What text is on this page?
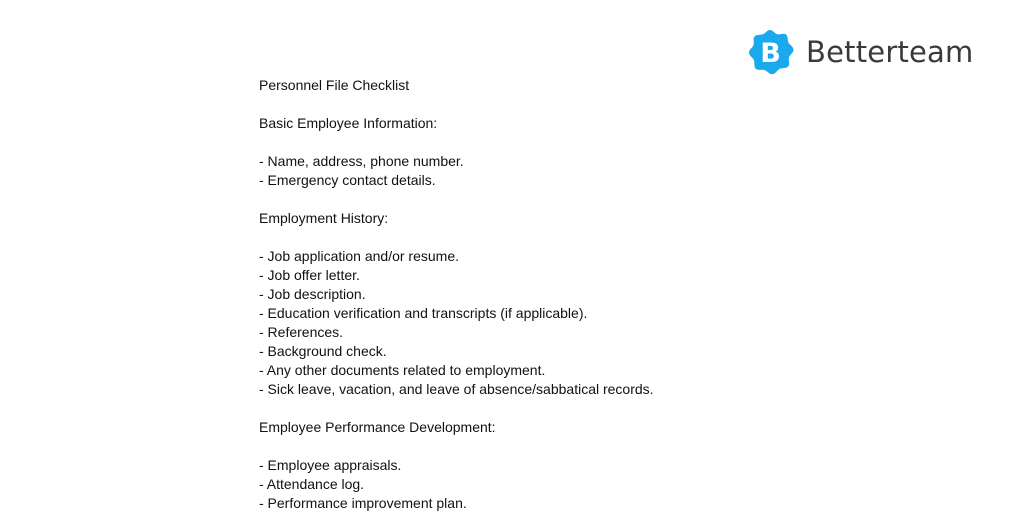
B Betterteam
Personnel File Checklist
Basic Employee Information:
- Name, address, phone number.
- Emergency contact details.
Employment History:
- Job application and/or resume.
- Job offer letter.
- Job description.
- Education verification and transcripts (if applicable).
- References.
- Background check.
- Any other documents related to employment.
- Sick leave, vacation, and leave of absence/sabbatical records.
Employee Performance Development:
- Employee appraisals.
- Attendance log.
- Performance improvement plan.
